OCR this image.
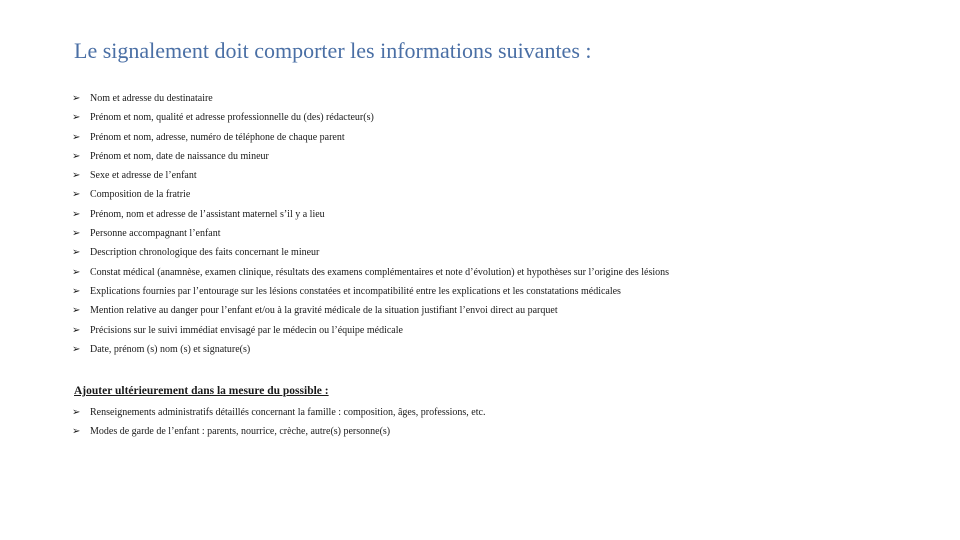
Le signalement doit comporter les informations suivantes :
➢ Nom et adresse du destinataire
➢ Prénom et nom, qualité et adresse professionnelle du (des) rédacteur(s)
➢ Prénom et nom, adresse, numéro de téléphone de chaque parent
➢ Prénom et nom, date de naissance du mineur
➢ Sexe et adresse de l’enfant
➢ Composition de la fratrie
➢ Prénom, nom et adresse de l’assistant maternel s’il y a lieu
➢ Personne accompagnant l’enfant
➢ Description chronologique des faits concernant le mineur
➢ Constat médical (anamnèse, examen clinique, résultats des examens complémentaires et note d’évolution) et hypothèses sur l’origine des lésions
➢ Explications fournies par l’entourage sur les lésions constatées et incompatibilité entre les explications et les constatations médicales
➢ Mention relative au danger pour l’enfant et/ou à la gravité médicale de la situation justifiant l’envoi direct au parquet
➢ Précisions sur le suivi immédiat envisagé par le médecin ou l’équipe médicale
➢ Date, prénom (s) nom (s) et signature(s)
Ajouter ultérieurement dans la mesure du possible :
➢ Renseignements administratifs détaillés concernant la famille : composition, âges, professions, etc.
➢ Modes de garde de l’enfant : parents, nourrice, crèche, autre(s) personne(s)
